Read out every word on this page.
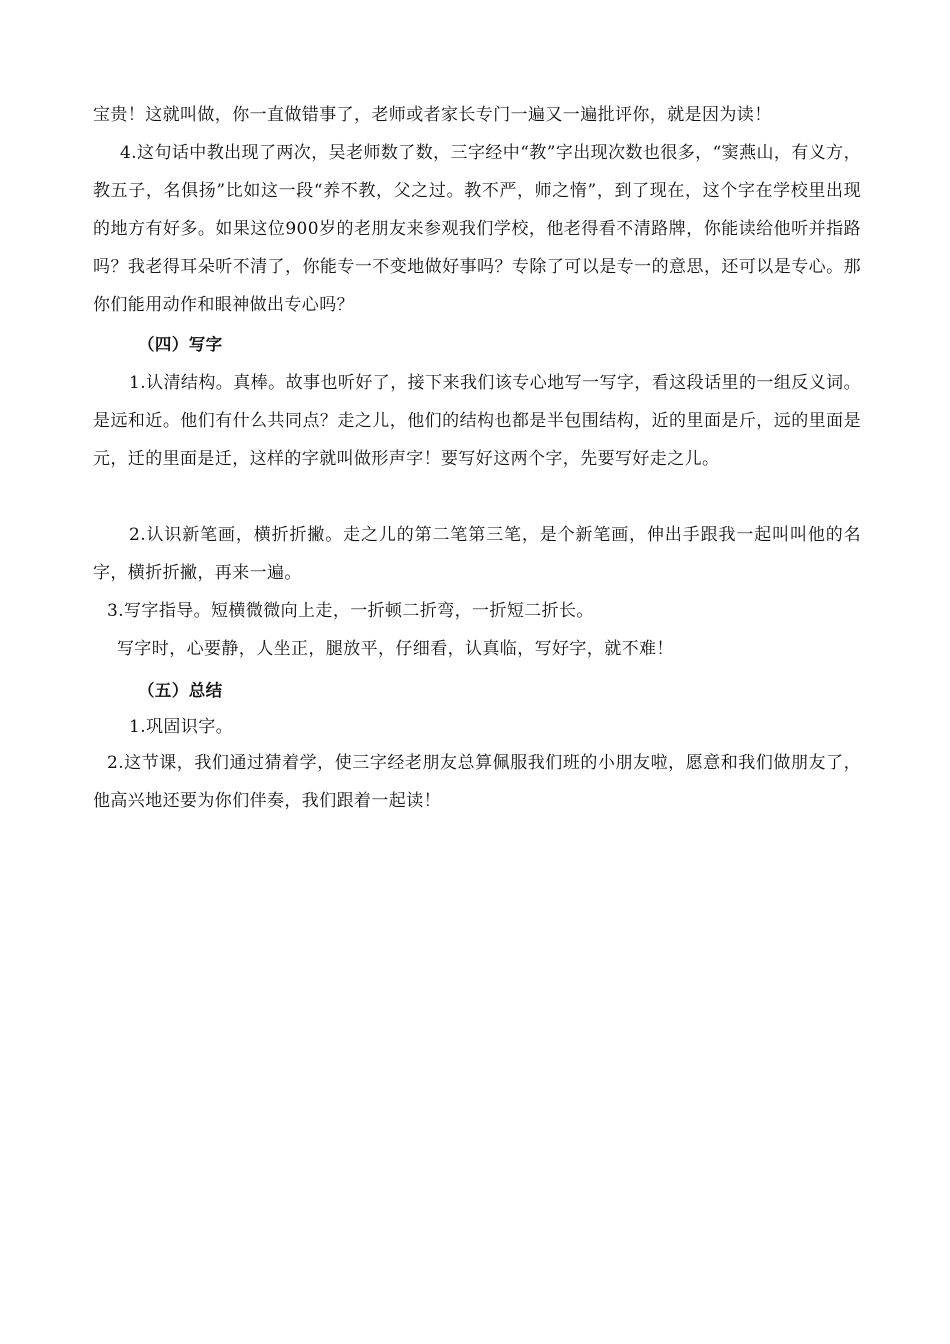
宝贵！这就叫做，你一直做错事了，老师或者家长专门一遍又一遍批评你，就是因为读！

4.这句话中教出现了两次，吴老师数了数，三字经中“教”字出现次数也很多，“窦燕山，有义方，教五子，名俱扬”比如这一段“养不教，父之过。教不严，师之惰”，到了现在，这个字在学校里出现的地方有好多。如果这位900岁的老朋友来参观我们学校，他老得看不清路牌，你能读给他听并指路吗？我老得耳朵听不清了，你能专一不变地做好事吗？专除了可以是专一的意思，还可以是专心。那你们能用动作和眼神做出专心吗？

（四）写字

1.认清结构。真棒。故事也听好了，接下来我们该专心地写一写字，看这段话里的一组反义词。是远和近。他们有什么共同点？走之儿，他们的结构也都是半包围结构，近的里面是斤，远的里面是元，迁的里面是迁，这样的字就叫做形声字！要写好这两个字，先要写好走之儿。

2.认识新笔画，横折折撇。走之儿的第二笔第三笔，是个新笔画，伸出手跟我一起叫叫他的名字，横折折撇，再来一遍。

3.写字指导。短横微微向上走，一折顿二折弯，一折短二折长。

写字时，心要静，人坐正，腿放平，仔细看，认真临，写好字，就不难！

（五）总结

1.巩固识字。

2.这节课，我们通过猜着学，使三字经老朋友总算佩服我们班的小朋友啦，愿意和我们做朋友了，他高兴地还要为你们伴奏，我们跟着一起读！
